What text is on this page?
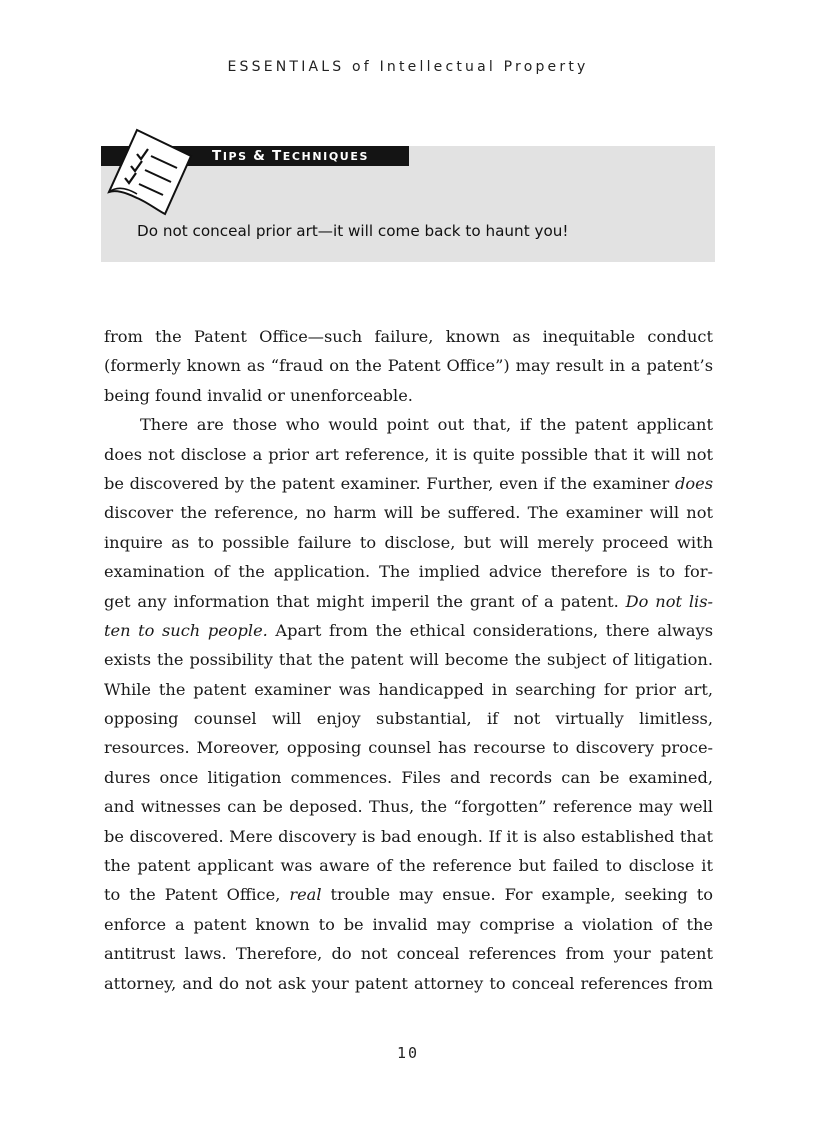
ESSENTIALS of Intellectual Property
TIPS & TECHNIQUES
Do not conceal prior art—it will come back to haunt you!
from the Patent Office—such failure, known as inequitable conduct
(formerly known as “fraud on the Patent Office”) may result in a patent’s
being found invalid or unenforceable.
There are those who would point out that, if the patent applicant
does not disclose a prior art reference, it is quite possible that it will not
be discovered by the patent examiner. Further, even if the examiner does
discover the reference, no harm will be suffered. The examiner will not
inquire as to possible failure to disclose, but will merely proceed with
examination of the application. The implied advice therefore is to for-
get any information that might imperil the grant of a patent. Do not lis-
ten to such people. Apart from the ethical considerations, there always
exists the possibility that the patent will become the subject of litigation.
While the patent examiner was handicapped in searching for prior art,
opposing counsel will enjoy substantial, if not virtually limitless,
resources. Moreover, opposing counsel has recourse to discovery proce-
dures once litigation commences. Files and records can be examined,
and witnesses can be deposed. Thus, the “forgotten” reference may well
be discovered. Mere discovery is bad enough. If it is also established that
the patent applicant was aware of the reference but failed to disclose it
to the Patent Office, real trouble may ensue. For example, seeking to
enforce a patent known to be invalid may comprise a violation of the
antitrust laws. Therefore, do not conceal references from your patent
attorney, and do not ask your patent attorney to conceal references from
10
